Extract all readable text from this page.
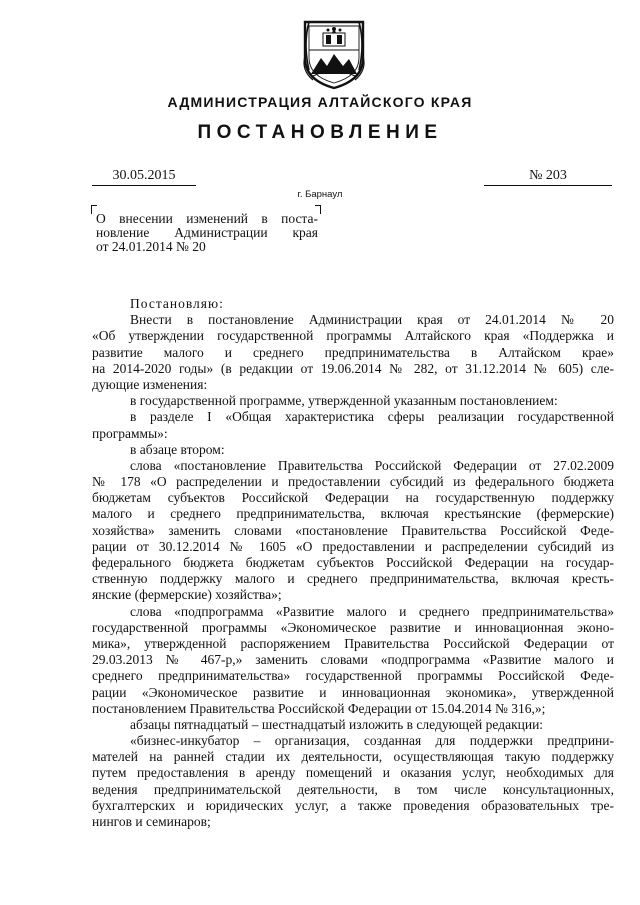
АДМИНИСТРАЦИЯ АЛТАЙСКОГО КРАЯ
ПОСТАНОВЛЕНИЕ
30.05.2015	№ 203
г. Барнаул
О внесении изменений в поста-
новление Администрации края
от 24.01.2014 № 20
Постановляю:
Внести в постановление Администрации края от 24.01.2014 № 20
«Об утверждении государственной программы Алтайского края «Поддержка и
развитие малого и среднего предпринимательства в Алтайском крае»
на 2014-2020 годы» (в редакции от 19.06.2014 № 282, от 31.12.2014 № 605) сле-
дующие изменения:
в государственной программе, утвержденной указанным постановлением:
в разделе I «Общая характеристика сферы реализации государственной
программы»:
в абзаце втором:
слова «постановление Правительства Российской Федерации от 27.02.2009
№ 178 «О распределении и предоставлении субсидий из федерального бюджета
бюджетам субъектов Российской Федерации на государственную поддержку
малого и среднего предпринимательства, включая крестьянские (фермерские)
хозяйства» заменить словами «постановление Правительства Российской Феде-
рации от 30.12.2014 № 1605 «О предоставлении и распределении субсидий из
федерального бюджета бюджетам субъектов Российской Федерации на государ-
ственную поддержку малого и среднего предпринимательства, включая кресть-
янские (фермерские) хозяйства»;
слова «подпрограмма «Развитие малого и среднего предпринимательства»
государственной программы «Экономическое развитие и инновационная эконо-
мика», утвержденной распоряжением Правительства Российской Федерации от
29.03.2013 № 467-р,» заменить словами «подпрограмма «Развитие малого и
среднего предпринимательства» государственной программы Российской Феде-
рации «Экономическое развитие и инновационная экономика», утвержденной
постановлением Правительства Российской Федерации от 15.04.2014 № 316,»;
абзацы пятнадцатый – шестнадцатый изложить в следующей редакции:
«бизнес-инкубатор – организация, созданная для поддержки предприни-
мателей на ранней стадии их деятельности, осуществляющая такую поддержку
путем предоставления в аренду помещений и оказания услуг, необходимых для
ведения предпринимательской деятельности, в том числе консультационных,
бухгалтерских и юридических услуг, а также проведения образовательных тре-
нингов и семинаров;
